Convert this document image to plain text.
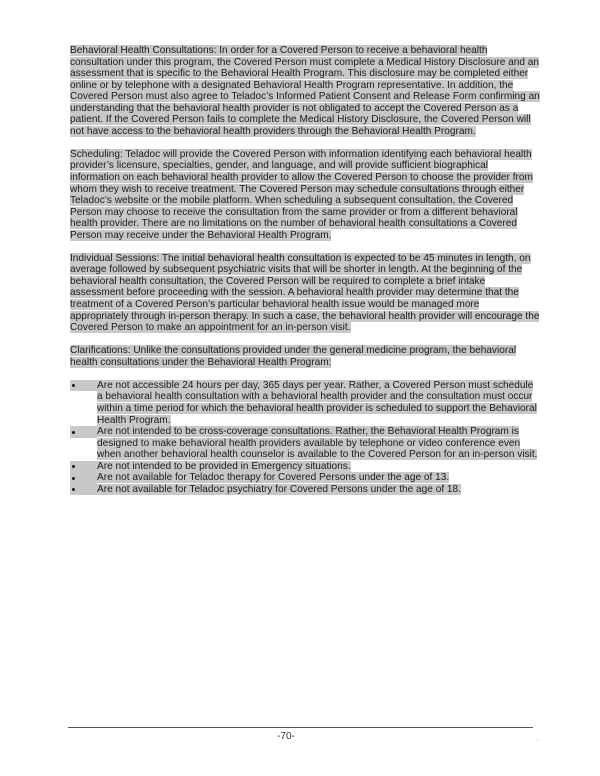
Behavioral Health Consultations: In order for a Covered Person to receive a behavioral health consultation under this program, the Covered Person must complete a Medical History Disclosure and an assessment that is specific to the Behavioral Health Program. This disclosure may be completed either online or by telephone with a designated Behavioral Health Program representative. In addition, the Covered Person must also agree to Teladoc’s Informed Patient Consent and Release Form confirming an understanding that the behavioral health provider is not obligated to accept the Covered Person as a patient. If the Covered Person fails to complete the Medical History Disclosure, the Covered Person will not have access to the behavioral health providers through the Behavioral Health Program.

Scheduling: Teladoc will provide the Covered Person with information identifying each behavioral health provider’s licensure, specialties, gender, and language, and will provide sufficient biographical information on each behavioral health provider to allow the Covered Person to choose the provider from whom they wish to receive treatment. The Covered Person may schedule consultations through either Teladoc’s website or the mobile platform. When scheduling a subsequent consultation, the Covered Person may choose to receive the consultation from the same provider or from a different behavioral health provider. There are no limitations on the number of behavioral health consultations a Covered Person may receive under the Behavioral Health Program.

Individual Sessions: The initial behavioral health consultation is expected to be 45 minutes in length, on average followed by subsequent psychiatric visits that will be shorter in length. At the beginning of the behavioral health consultation, the Covered Person will be required to complete a brief intake assessment before proceeding with the session. A behavioral health provider may determine that the treatment of a Covered Person’s particular behavioral health issue would be managed more appropriately through in-person therapy. In such a case, the behavioral health provider will encourage the Covered Person to make an appointment for an in-person visit.

Clarifications: Unlike the consultations provided under the general medicine program, the behavioral health consultations under the Behavioral Health Program:

Are not accessible 24 hours per day, 365 days per year. Rather, a Covered Person must schedule a behavioral health consultation with a behavioral health provider and the consultation must occur within a time period for which the behavioral health provider is scheduled to support the Behavioral Health Program.
Are not intended to be cross-coverage consultations. Rather, the Behavioral Health Program is designed to make behavioral health providers available by telephone or video conference even when another behavioral health counselor is available to the Covered Person for an in-person visit.
Are not intended to be provided in Emergency situations.
Are not available for Teladoc therapy for Covered Persons under the age of 13.
Are not available for Teladoc psychiatry for Covered Persons under the age of 18.
-70-	.
